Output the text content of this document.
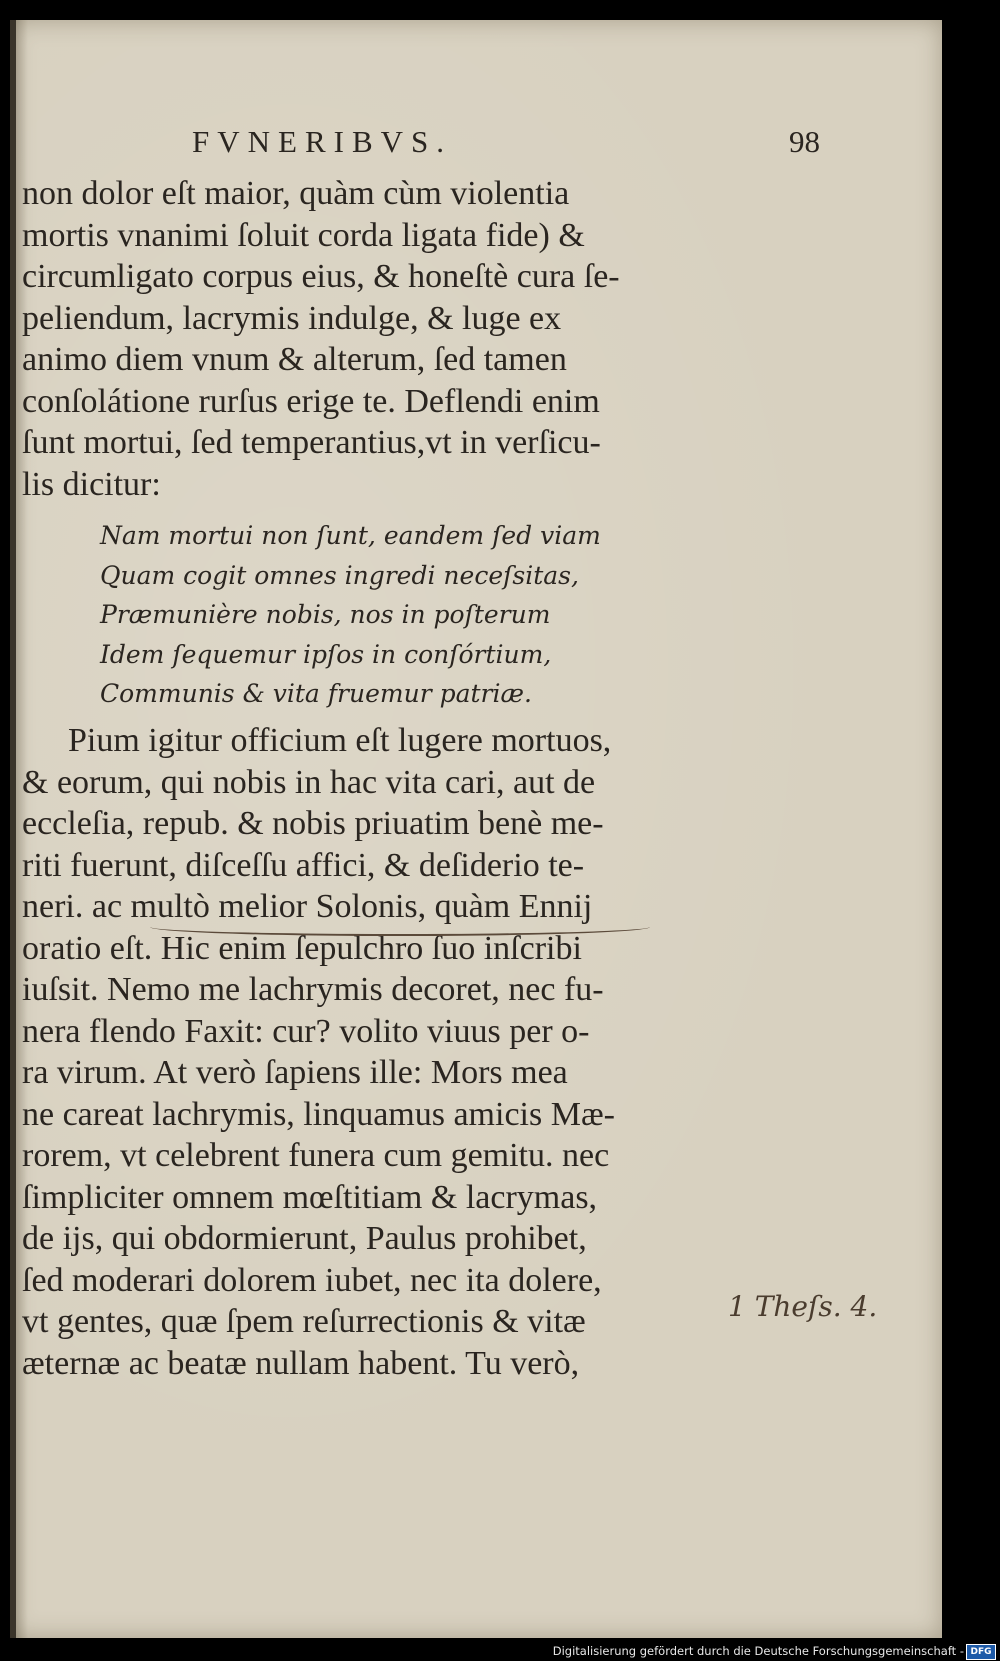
FVNERIBVS.	98
non dolor eſt maior, quàm cùm violentia
mortis vnanimi ſoluit corda ligata fide) &
circumligato corpus eius, & honeſtè cura ſe-
peliendum, lacrymis indulge, & luge ex
animo diem vnum & alterum, ſed tamen
conſolátione rurſus erige te. Deflendi enim
ſunt mortui, ſed temperantius,vt in verſicu-
lis dicitur:
Nam mortui non ſunt, eandem ſed viam
Quam cogit omnes ingredi neceſsitas,
Præmunière nobis, nos in poſterum
Idem ſequemur ipſos in conſórtium,
Communis & vita fruemur patriæ.
Pium igitur officium eſt lugere mortuos,
& eorum, qui nobis in hac vita cari, aut de
eccleſia, repub. & nobis priuatim benè me-
riti fuerunt, diſceſſu affici, & deſiderio te-
neri. ac multò melior Solonis, quàm Ennij
oratio eſt. Hic enim ſepulchro ſuo inſcribi
iuſsit. Nemo me lachrymis decoret, nec fu-
nera flendo Faxit: cur? volito viuus per o-
ra virum. At verò ſapiens ille: Mors mea
ne careat lachrymis, linquamus amicis Mæ-
rorem, vt celebrent funera cum gemitu. nec
ſimpliciter omnem mœſtitiam & lacrymas,
de ijs, qui obdormierunt, Paulus prohibet,
ſed moderari dolorem iubet, nec ita dolere,
vt gentes, quæ ſpem reſurrectionis & vitæ
æternæ ac beatæ nullam habent. Tu verò,
1 Theſs. 4.
Digitalisierung gefördert durch die Deutsche Forschungsgemeinschaft - DFG
